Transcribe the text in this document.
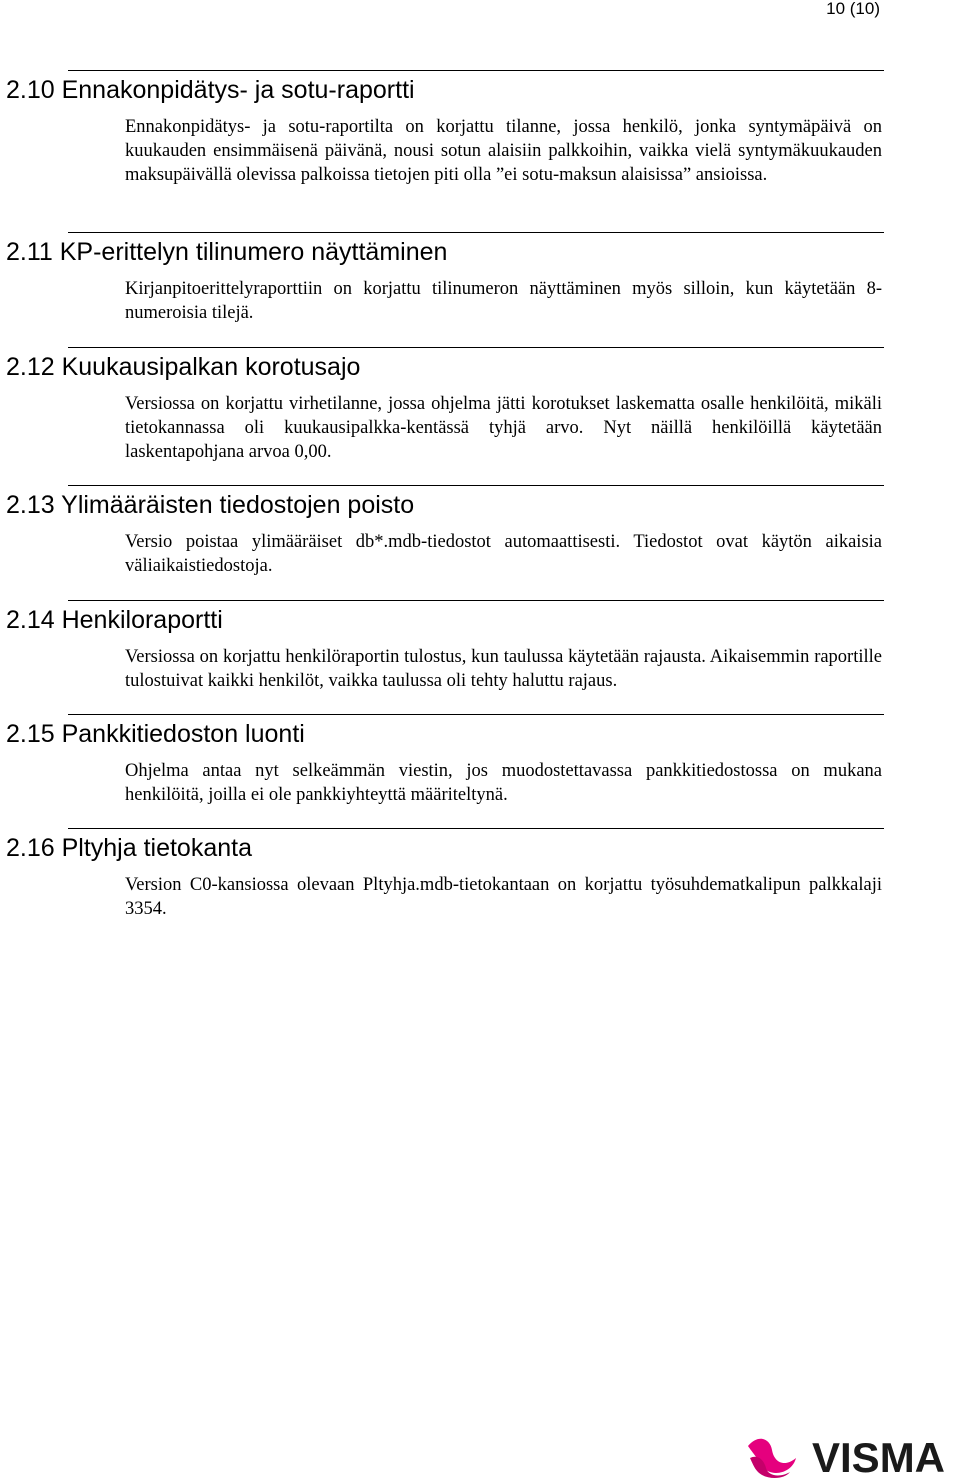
10 (10)
2.10 Ennakonpidätys- ja sotu-raportti

Ennakonpidätys- ja sotu-raportilta on korjattu tilanne, jossa henkilö, jonka syntymäpäivä on kuukauden ensimmäisenä päivänä, nousi sotun alaisiin palkkoihin, vaikka vielä syntymäkuukauden maksupäivällä olevissa palkoissa tietojen piti olla ”ei sotu-maksun alaisissa” ansioissa.

2.11 KP-erittelyn tilinumero näyttäminen

Kirjanpitoerittelyraporttiin on korjattu tilinumeron näyttäminen myös silloin, kun käytetään 8-numeroisia tilejä.

2.12 Kuukausipalkan korotusajo

Versiossa on korjattu virhetilanne, jossa ohjelma jätti korotukset laskematta osalle henkilöitä, mikäli tietokannassa oli kuukausipalkka-kentässä tyhjä arvo. Nyt näillä henkilöillä käytetään laskentapohjana arvoa 0,00.

2.13 Ylimääräisten tiedostojen poisto

Versio poistaa ylimääräiset db*.mdb-tiedostot automaattisesti. Tiedostot ovat käytön aikaisia väliaikaistiedostoja.

2.14 Henkiloraportti

Versiossa on korjattu henkilöraportin tulostus, kun taulussa käytetään rajausta. Aikaisemmin raportille tulostuivat kaikki henkilöt, vaikka taulussa oli tehty haluttu rajaus.

2.15 Pankkitiedoston luonti

Ohjelma antaa nyt selkeämmän viestin, jos muodostettavassa pankkitiedostossa on mukana henkilöitä, joilla ei ole pankkiyhteyttä määriteltynä.

2.16 Pltyhja tietokanta

Version C0-kansiossa olevaan Pltyhja.mdb-tietokantaan on korjattu työsuhdematkalipun palkkalaji 3354.

VISMA
